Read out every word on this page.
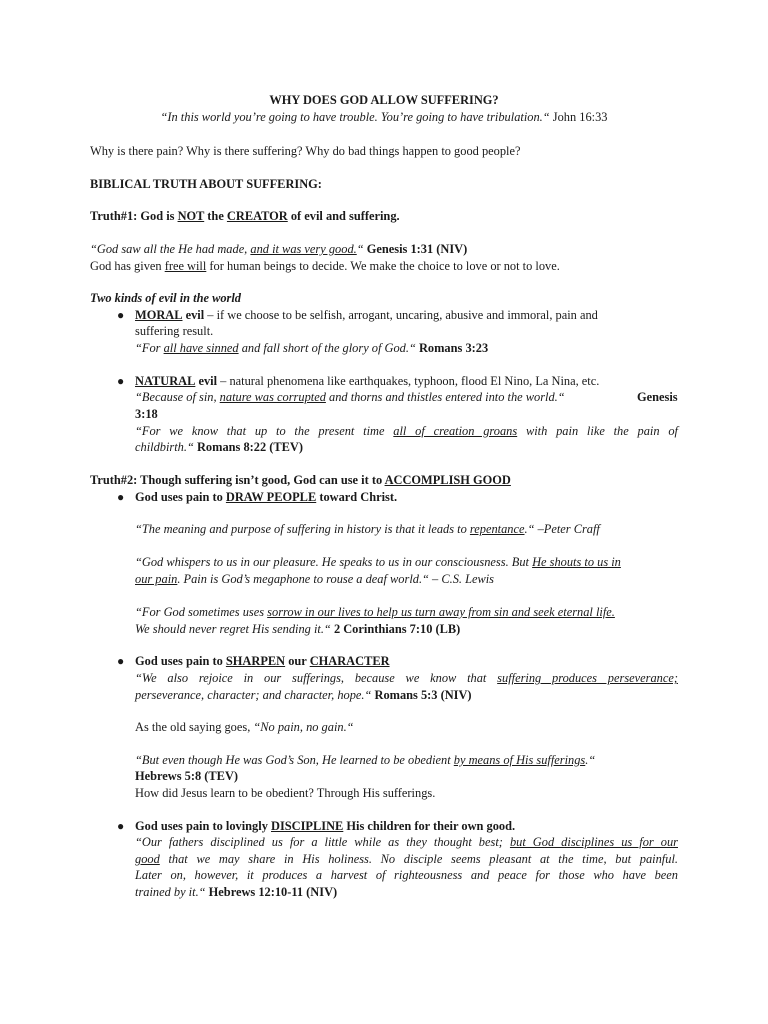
WHY DOES GOD ALLOW SUFFERING?
“In this world you’re going to have trouble. You’re going to have tribulation.“ John 16:33
Why is there pain? Why is there suffering? Why do bad things happen to good people?
BIBLICAL TRUTH ABOUT SUFFERING:
Truth#1: God is NOT the CREATOR of evil and suffering.
“God saw all the He had made, and it was very good.“ Genesis 1:31 (NIV)
God has given free will for human beings to decide. We make the choice to love or not to love.
Two kinds of evil in the world
● MORAL evil – if we choose to be selfish, arrogant, uncaring, abusive and immoral, pain and
suffering result.
“For all have sinned and fall short of the glory of God.“ Romans 3:23
● NATURAL evil – natural phenomena like earthquakes, typhoon, flood El Nino, La Nina, etc.
“Because of sin, nature was corrupted and thorns and thistles entered into the world.“	Genesis
3:18
“For we know that up to the present time all of creation groans with pain like the pain of
childbirth.“ Romans 8:22 (TEV)
Truth#2: Though suffering isn’t good, God can use it to ACCOMPLISH GOOD
● God uses pain to DRAW PEOPLE toward Christ.
“The meaning and purpose of suffering in history is that it leads to repentance.“ –Peter Craff
“God whispers to us in our pleasure. He speaks to us in our consciousness. But He shouts to us in
our pain. Pain is God’s megaphone to rouse a deaf world.“ – C.S. Lewis
“For God sometimes uses sorrow in our lives to help us turn away from sin and seek eternal life.
We should never regret His sending it.“ 2 Corinthians 7:10 (LB)
● God uses pain to SHARPEN our CHARACTER
“We also rejoice in our sufferings, because we know that suffering produces perseverance;
perseverance, character; and character, hope.“ Romans 5:3 (NIV)
As the old saying goes, “No pain, no gain.“
“But even though He was God’s Son, He learned to be obedient by means of His sufferings.“
Hebrews 5:8 (TEV)
How did Jesus learn to be obedient? Through His sufferings.
● God uses pain to lovingly DISCIPLINE His children for their own good.
“Our fathers disciplined us for a little while as they thought best; but God disciplines us for our
good that we may share in His holiness. No disciple seems pleasant at the time, but painful.
Later on, however, it produces a harvest of righteousness and peace for those who have been
trained by it.“ Hebrews 12:10-11 (NIV)
